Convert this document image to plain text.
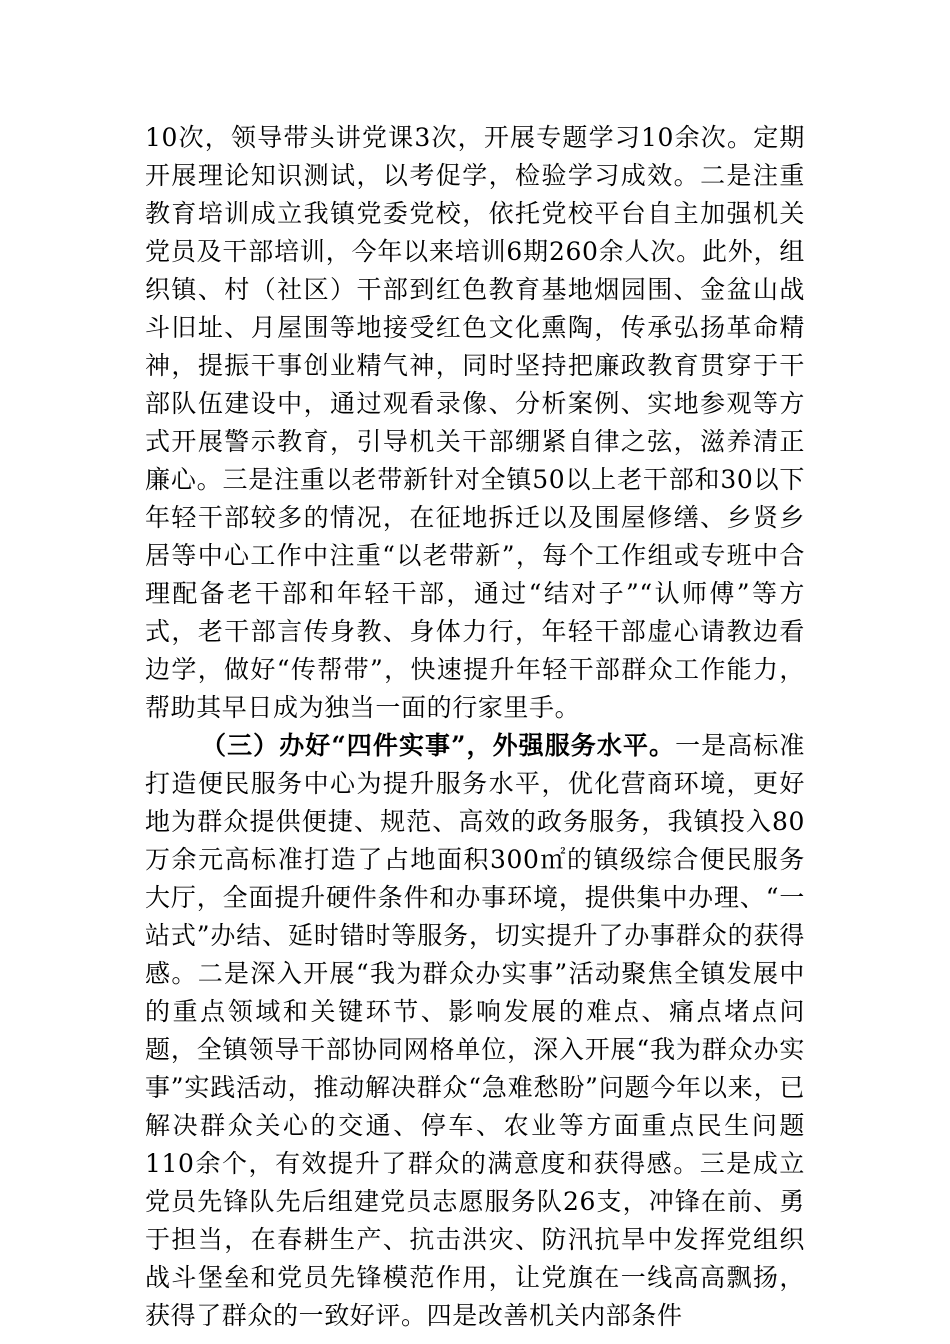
10次，领导带头讲党课3次，开展专题学习10余次。定期开展理论知识测试，以考促学，检验学习成效。二是注重教育培训成立我镇党委党校，依托党校平台自主加强机关党员及干部培训，今年以来培训6期260余人次。此外，组织镇、村（社区）干部到红色教育基地烟园围、金盆山战斗旧址、月屋围等地接受红色文化熏陶，传承弘扬革命精神，提振干事创业精气神，同时坚持把廉政教育贯穿于干部队伍建设中，通过观看录像、分析案例、实地参观等方式开展警示教育，引导机关干部绷紧自律之弦，滋养清正廉心。三是注重以老带新针对全镇50以上老干部和30以下年轻干部较多的情况，在征地拆迁以及围屋修缮、乡贤乡居等中心工作中注重“以老带新”，每个工作组或专班中合理配备老干部和年轻干部，通过“结对子”“认师傅”等方式，老干部言传身教、身体力行，年轻干部虚心请教边看边学，做好“传帮带”，快速提升年轻干部群众工作能力，帮助其早日成为独当一面的行家里手。

（三）办好“四件实事”，外强服务水平。一是高标准打造便民服务中心为提升服务水平，优化营商环境，更好地为群众提供便捷、规范、高效的政务服务，我镇投入80万余元高标准打造了占地面积300㎡的镇级综合便民服务大厅，全面提升硬件条件和办事环境，提供集中办理、“一站式”办结、延时错时等服务，切实提升了办事群众的获得感。二是深入开展“我为群众办实事”活动聚焦全镇发展中的重点领域和关键环节、影响发展的难点、痛点堵点问题，全镇领导干部协同网格单位，深入开展“我为群众办实事”实践活动，推动解决群众“急难愁盼”问题今年以来，已解决群众关心的交通、停车、农业等方面重点民生问题110余个，有效提升了群众的满意度和获得感。三是成立党员先锋队先后组建党员志愿服务队26支，冲锋在前、勇于担当，在春耕生产、抗击洪灾、防汛抗旱中发挥党组织战斗堡垒和党员先锋模范作用，让党旗在一线高高飘扬，获得了群众的一致好评。四是改善机关内部条件
